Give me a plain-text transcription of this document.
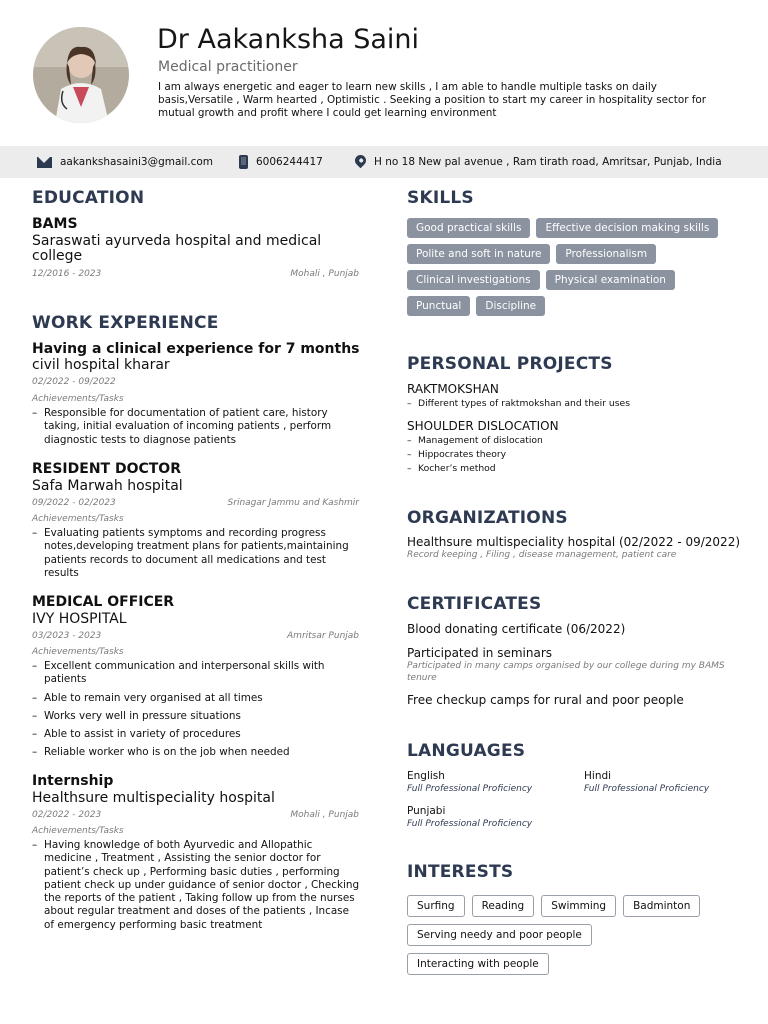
Dr Aakanksha Saini
Medical practitioner
I am always energetic and eager to learn new skills , I am able to handle multiple tasks on daily basis,Versatile , Warm hearted , Optimistic . Seeking a position to start my career in hospitality sector for mutual growth and profit where I could get learning environment
aakankshasaini3@gmail.com	6006244417	H no 18 New pal avenue , Ram tirath road, Amritsar, Punjab, India
EDUCATION
BAMS
Saraswati ayurveda hospital and medical college
12/2016 - 2023	Mohali , Punjab
WORK EXPERIENCE
Having a clinical experience for 7 months
civil hospital kharar
02/2022 - 09/2022
Achievements/Tasks
– Responsible for documentation of patient care, history taking, initial evaluation of incoming patients , perform diagnostic tests to diagnose patients
RESIDENT DOCTOR
Safa Marwah hospital
09/2022 - 02/2023	Srinagar Jammu and Kashmir
Achievements/Tasks
– Evaluating patients symptoms and recording progress notes,developing treatment plans for patients,maintaining patients records to document all medications and test results
MEDICAL OFFICER
IVY HOSPITAL
03/2023 - 2023	Amritsar Punjab
Achievements/Tasks
– Excellent communication and interpersonal skills with patients
– Able to remain very organised at all times
– Works very well in pressure situations
– Able to assist in variety of procedures
– Reliable worker who is on the job when needed
Internship
Healthsure multispeciality hospital
02/2022 - 2023	Mohali , Punjab
Achievements/Tasks
– Having knowledge of both Ayurvedic and Allopathic medicine , Treatment , Assisting the senior doctor for patient’s check up , Performing basic duties , performing patient check up under guidance of senior doctor , Checking the reports of the patient , Taking follow up from the nurses about regular treatment and doses of the patients , Incase of emergency performing basic treatment
SKILLS
Good practical skills	Effective decision making skills
Polite and soft in nature	Professionalism
Clinical investigations	Physical examination
Punctual	Discipline
PERSONAL PROJECTS
RAKTMOKSHAN
– Different types of raktmokshan and their uses
SHOULDER DISLOCATION
– Management of dislocation
– Hippocrates theory
– Kocher’s method
ORGANIZATIONS
Healthsure multispeciality hospital (02/2022 - 09/2022)
Record keeping , Filing , disease management, patient care
CERTIFICATES
Blood donating certificate (06/2022)
Participated in seminars
Participated in many camps organised by our college during my BAMS tenure
Free checkup camps for rural and poor people
LANGUAGES
English
Full Professional Proficiency
Hindi
Full Professional Proficiency
Punjabi
Full Professional Proficiency
INTERESTS
Surfing	Reading	Swimming	Badminton
Serving needy and poor people
Interacting with people
